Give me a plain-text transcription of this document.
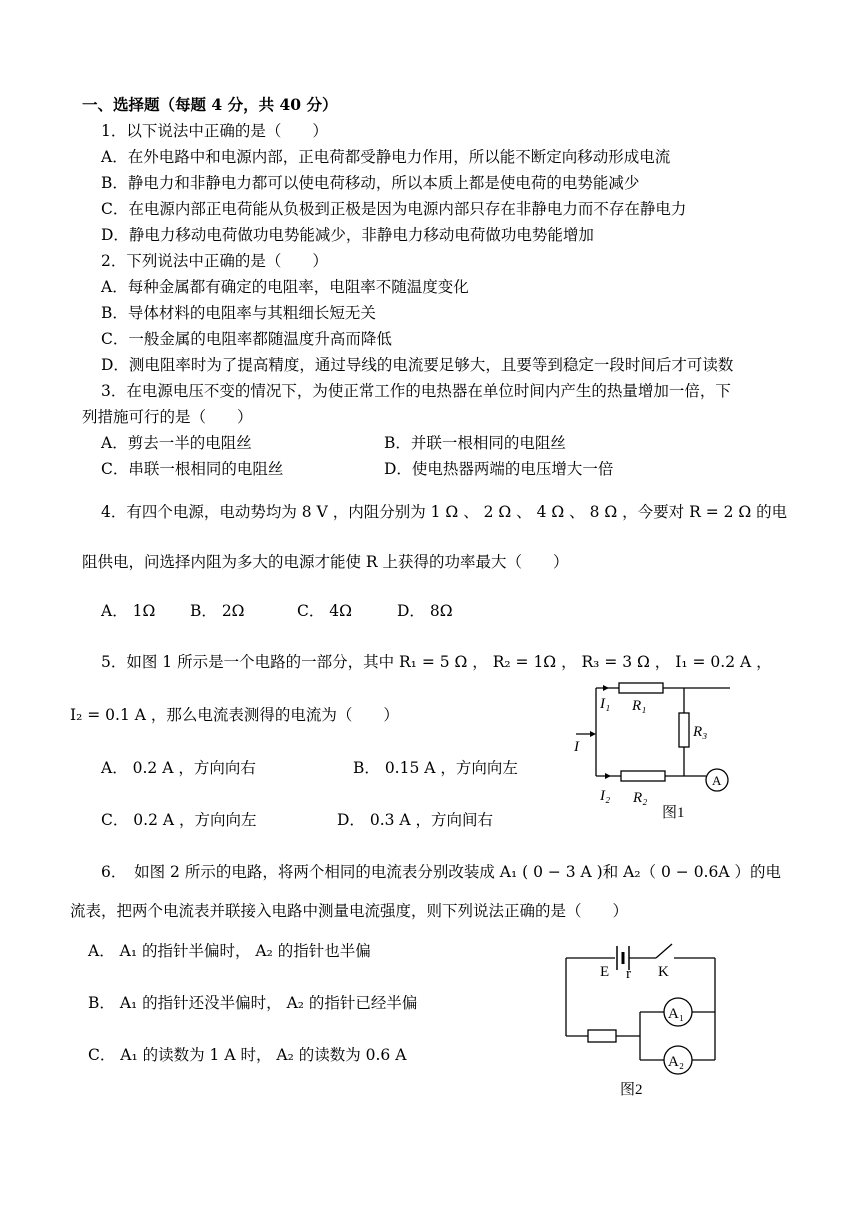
一、选择题（每题 4 分，共 40 分）
1．以下说法中正确的是（　　）
A．在外电路中和电源内部，正电荷都受静电力作用，所以能不断定向移动形成电流
B．静电力和非静电力都可以使电荷移动，所以本质上都是使电荷的电势能减少
C．在电源内部正电荷能从负极到正极是因为电源内部只存在非静电力而不存在静电力
D．静电力移动电荷做功电势能减少，非静电力移动电荷做功电势能增加
2．下列说法中正确的是（　　）
A．每种金属都有确定的电阻率，电阻率不随温度变化
B．导体材料的电阻率与其粗细长短无关
C．一般金属的电阻率都随温度升高而降低
D．测电阻率时为了提高精度，通过导线的电流要足够大，且要等到稳定一段时间后才可读数
3．在电源电压不变的情况下，为使正常工作的电热器在单位时间内产生的热量增加一倍，下
列措施可行的是（　　）
A．剪去一半的电阻丝	B．并联一根相同的电阻丝
C．串联一根相同的电阻丝	D．使电热器两端的电压增大一倍
4．有四个电源，电动势均为 8 V ，内阻分别为 1 Ω 、 2 Ω 、 4 Ω 、 8 Ω ，今要对 R = 2 Ω 的电
阻供电，问选择内阻为多大的电源才能使 R 上获得的功率最大（　　）
A． 1Ω B． 2Ω	C． 4Ω	D． 8Ω
5．如图 1 所示是一个电路的一部分，其中 R₁ = 5 Ω ， R₂ = 1Ω ， R₃ = 3 Ω ， I₁ = 0.2 A ，
I₂ = 0.1 A ，那么电流表测得的电流为（　　）
A． 0.2 A ，方向向右	B． 0.15 A ，方向向左
C． 0.2 A ，方向向左	D． 0.3 A ，方向间右
I₁ R₁
R₃
I
I₂ R₂
A
图1
6．　如图 2 所示的电路，将两个相同的电流表分别改装成 A₁ ( 0 − 3 A )和 A₂（ 0 − 0.6A ）的电
流表，把两个电流表并联接入电路中测量电流强度，则下列说法正确的是（　　）
A． A₁ 的指针半偏时， A₂ 的指针也半偏
B． A₁ 的指针还没半偏时， A₂ 的指针已经半偏
C． A₁ 的读数为 1 A 时， A₂ 的读数为 0.6 A
E r K
A₁
A₂
图2
